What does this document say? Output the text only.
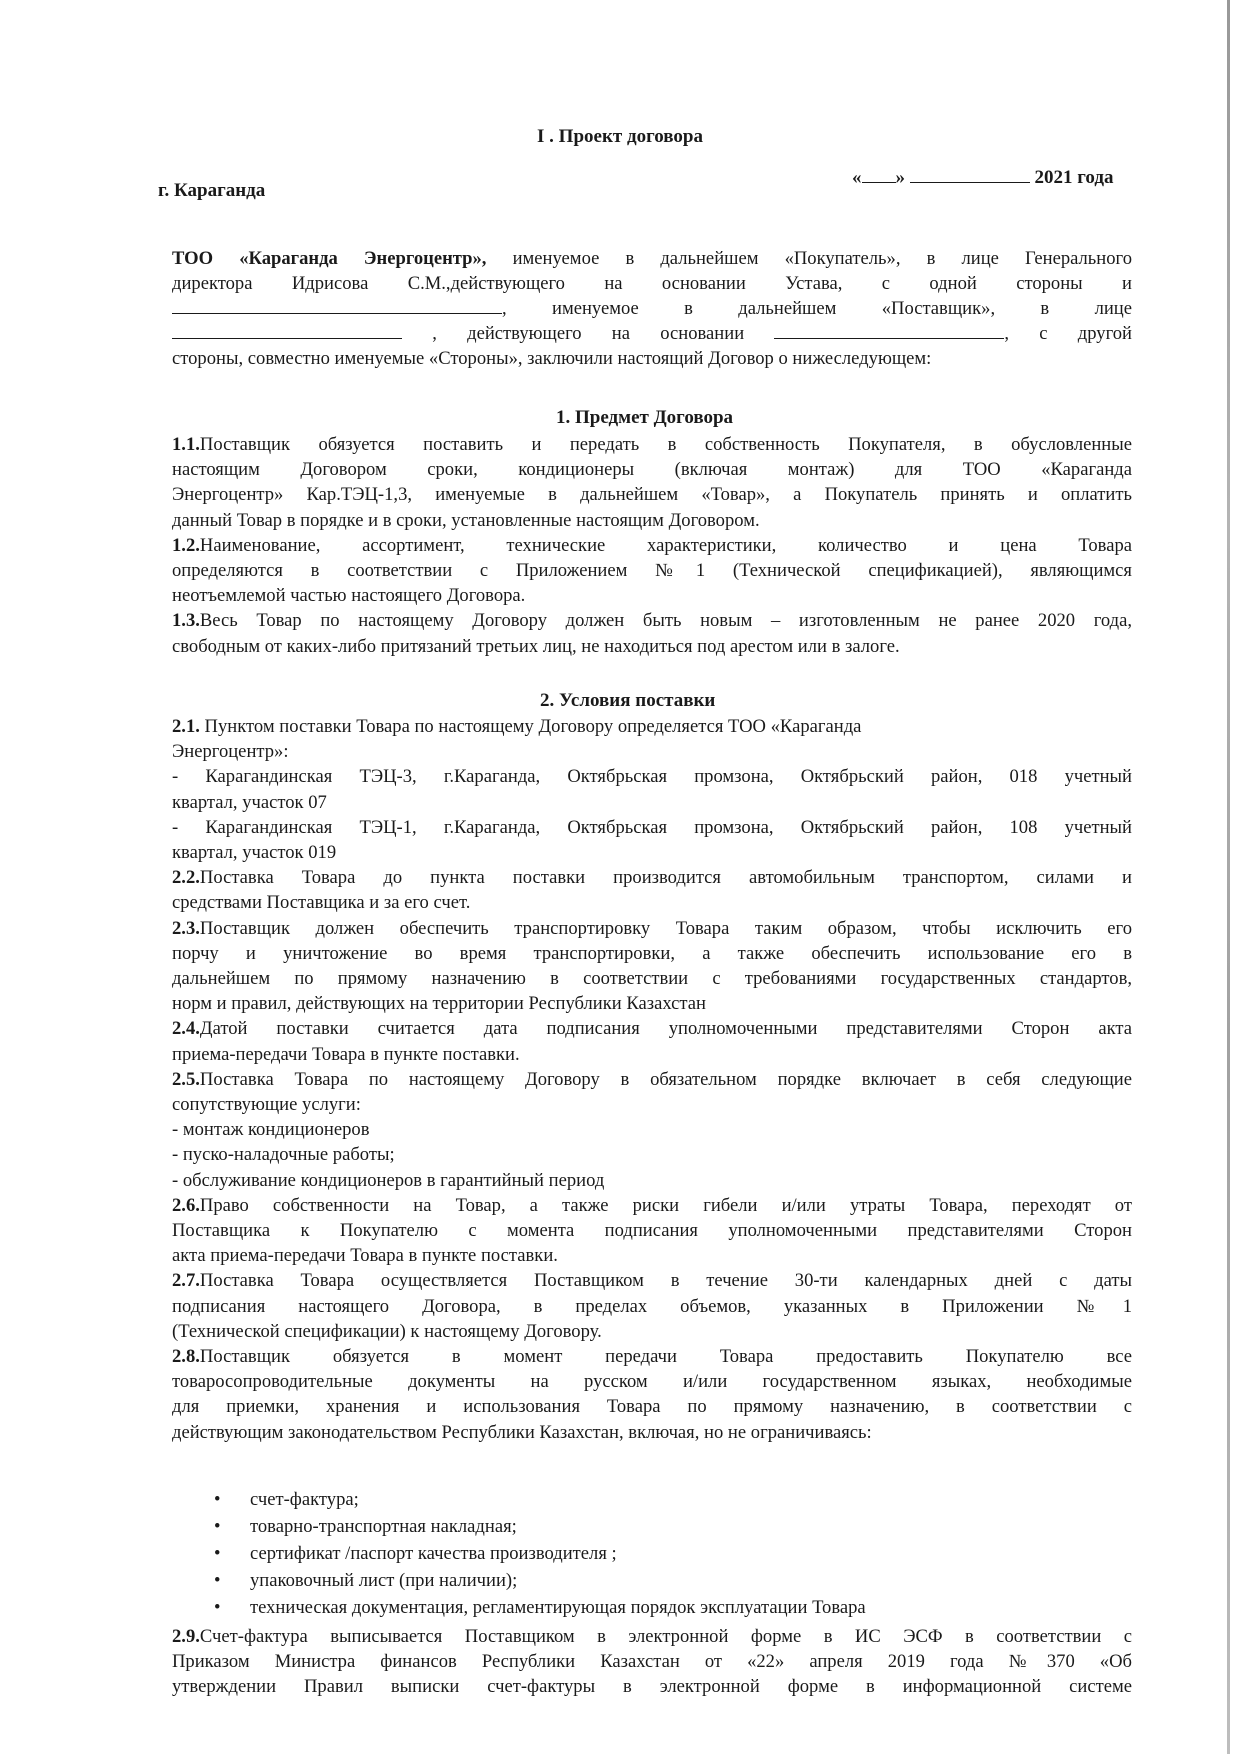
I . Проект договора
г. Караганда
« »	2021 года
ТОО «Караганда Энергоцентр», именуемое в дальнейшем «Покупатель», в лице Генерального
директора Идрисова С.М.,действующего на основании Устава, с одной стороны и
, именуемое в дальнейшем «Поставщик», в лице
, действующего на основании	, с другой
стороны, совместно именуемые «Стороны», заключили настоящий Договор о нижеследующем:
1. Предмет Договора
1.1.Поставщик обязуется поставить и передать в собственность Покупателя, в обусловленные
настоящим Договором сроки, кондиционеры (включая монтаж) для ТОО «Караганда
Энергоцентр» Кар.ТЭЦ-1,3, именуемые в дальнейшем «Товар», а Покупатель принять и оплатить
данный Товар в порядке и в сроки, установленные настоящим Договором.
1.2.Наименование, ассортимент, технические характеристики, количество и цена Товара
определяются в соответствии с Приложением №1 (Технической спецификацией), являющимся
неотъемлемой частью настоящего Договора.
1.3.Весь Товар по настоящему Договору должен быть новым – изготовленным не ранее 2020 года,
свободным от каких-либо притязаний третьих лиц, не находиться под арестом или в залоге.
2. Условия поставки
2.1. Пунктом поставки Товара по настоящему Договору определяется ТОО «Караганда
Энергоцентр»:
- Карагандинская ТЭЦ-3, г.Караганда, Октябрьская промзона, Октябрьский район, 018 учетный
квартал, участок 07
- Карагандинская ТЭЦ-1, г.Караганда, Октябрьская промзона, Октябрьский район, 108 учетный
квартал, участок 019
2.2.Поставка Товара до пункта поставки производится автомобильным транспортом, силами и
средствами Поставщика и за его счет.
2.3.Поставщик должен обеспечить транспортировку Товара таким образом, чтобы исключить его
порчу и уничтожение во время транспортировки, а также обеспечить использование его в
дальнейшем по прямому назначению в соответствии с требованиями государственных стандартов,
норм и правил, действующих на территории Республики Казахстан
2.4.Датой поставки считается дата подписания уполномоченными представителями Сторон акта
приема-передачи Товара в пункте поставки.
2.5.Поставка Товара по настоящему Договору в обязательном порядке включает в себя следующие
сопутствующие услуги:
- монтаж кондиционеров
- пуско-наладочные работы;
- обслуживание кондиционеров в гарантийный период
2.6.Право собственности на Товар, а также риски гибели и/или утраты Товара, переходят от
Поставщика к Покупателю с момента подписания уполномоченными представителями Сторон
акта приема-передачи Товара в пункте поставки.
2.7.Поставка Товара осуществляется Поставщиком в течение 30-ти календарных дней с даты
подписания настоящего Договора, в пределах объемов, указанных в Приложении №1
(Технической спецификации) к настоящему Договору.
2.8.Поставщик обязуется в момент передачи Товара предоставить Покупателю все
товаросопроводительные документы на русском и/или государственном языках, необходимые
для приемки, хранения и использования Товара по прямому назначению, в соответствии с
действующим законодательством Республики Казахстан, включая, но не ограничиваясь:
• счет-фактура;
• товарно-транспортная накладная;
• сертификат /паспорт качества производителя ;
• упаковочный лист (при наличии);
• техническая документация, регламентирующая порядок эксплуатации Товара
2.9.Счет-фактура выписывается Поставщиком в электронной форме в ИС ЭСФ в соответствии с
Приказом Министра финансов Республики Казахстан от «22» апреля 2019 года №370 «Об
утверждении Правил выписки счет-фактуры в электронной форме в информационной системе
